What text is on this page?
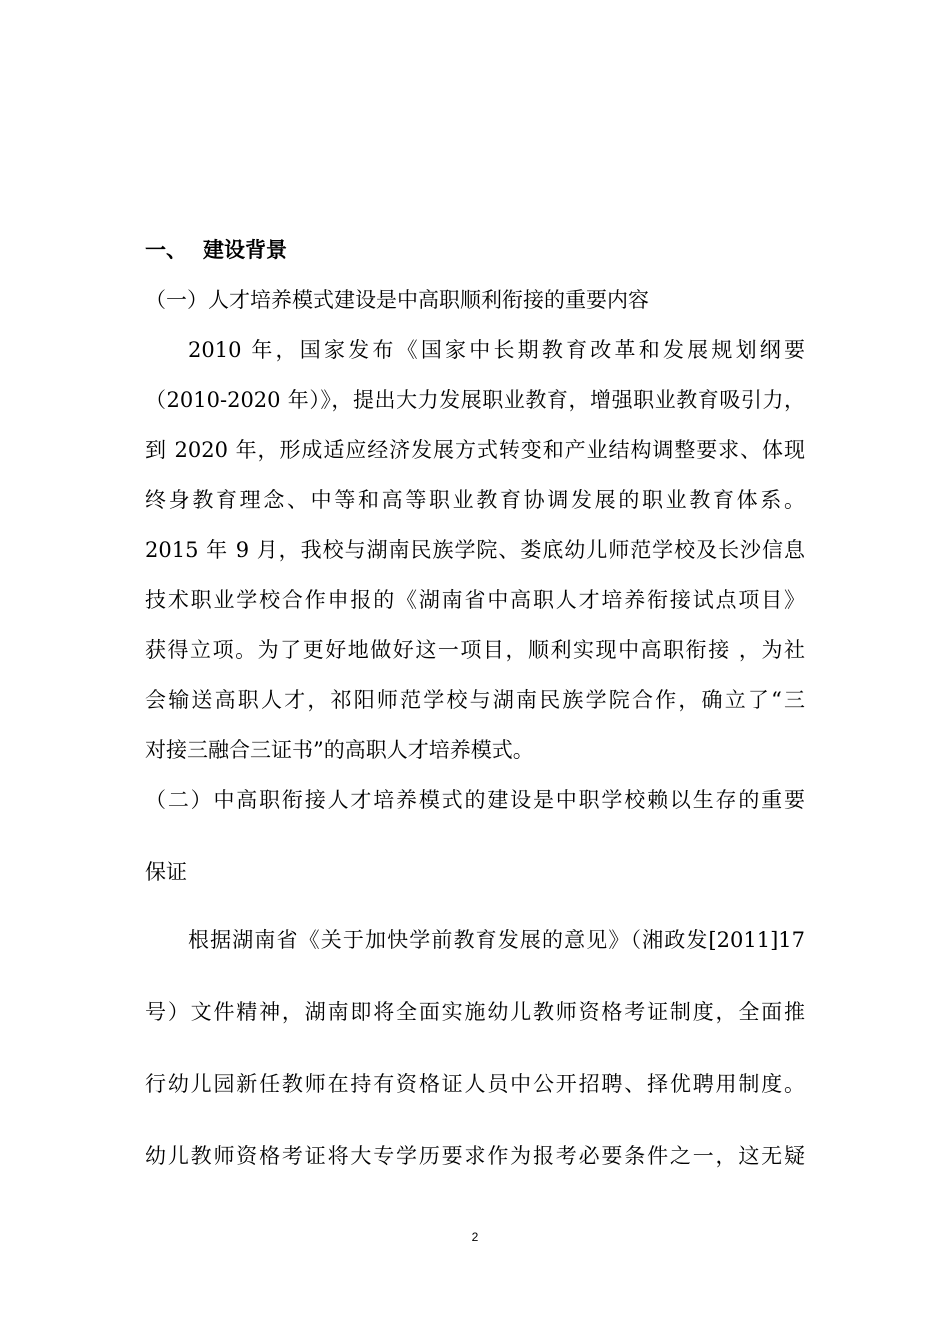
一、 建设背景
（一）人才培养模式建设是中高职顺利衔接的重要内容
2010 年，国家发布《国家中长期教育改革和发展规划纲要
（2010-2020 年）》，提出大力发展职业教育，增强职业教育吸引力，
到 2020 年，形成适应经济发展方式转变和产业结构调整要求、体现
终身教育理念、中等和高等职业教育协调发展的职业教育体系。
2015 年 9 月，我校与湖南民族学院、娄底幼儿师范学校及长沙信息
技术职业学校合作申报的《湖南省中高职人才培养衔接试点项目》
获得立项。为了更好地做好这一项目，顺利实现中高职衔接 ，为社
会输送高职人才，祁阳师范学校与湖南民族学院合作，确立了“三
对接三融合三证书”的高职人才培养模式。
（二）中高职衔接人才培养模式的建设是中职学校赖以生存的重要
保证
根据湖南省《关于加快学前教育发展的意见》（湘政发[2011]17
号）文件精神，湖南即将全面实施幼儿教师资格考证制度，全面推
行幼儿园新任教师在持有资格证人员中公开招聘、择优聘用制度。
幼儿教师资格考证将大专学历要求作为报考必要条件之一，这无疑
2
